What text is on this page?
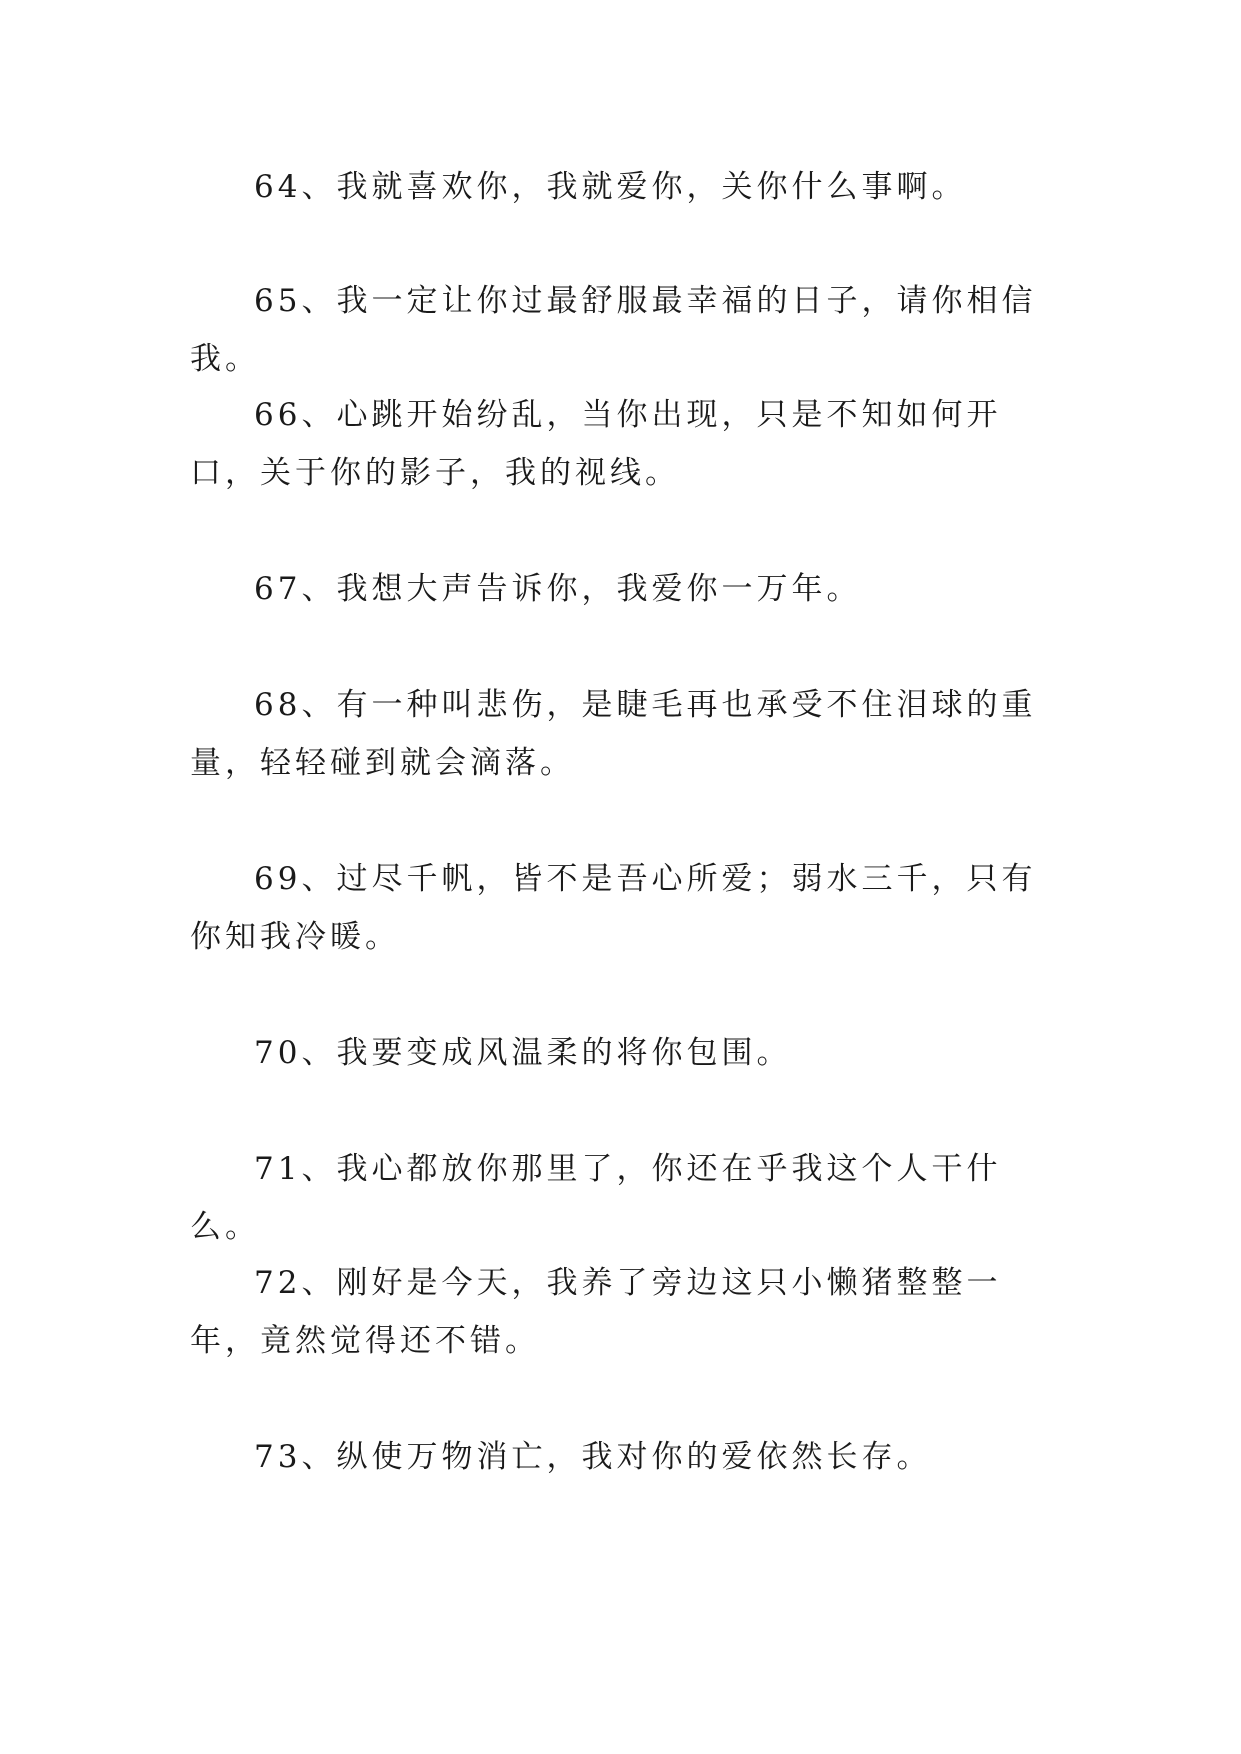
64、我就喜欢你，我就爱你，关你什么事啊。

65、我一定让你过最舒服最幸福的日子，请你相信我。

66、心跳开始纷乱，当你出现，只是不知如何开口，关于你的影子，我的视线。

67、我想大声告诉你，我爱你一万年。

68、有一种叫悲伤，是睫毛再也承受不住泪球的重量，轻轻碰到就会滴落。

69、过尽千帆，皆不是吾心所爱；弱水三千，只有你知我冷暖。

70、我要变成风温柔的将你包围。

71、我心都放你那里了，你还在乎我这个人干什么。

72、刚好是今天，我养了旁边这只小懒猪整整一年，竟然觉得还不错。

73、纵使万物消亡，我对你的爱依然长存。
